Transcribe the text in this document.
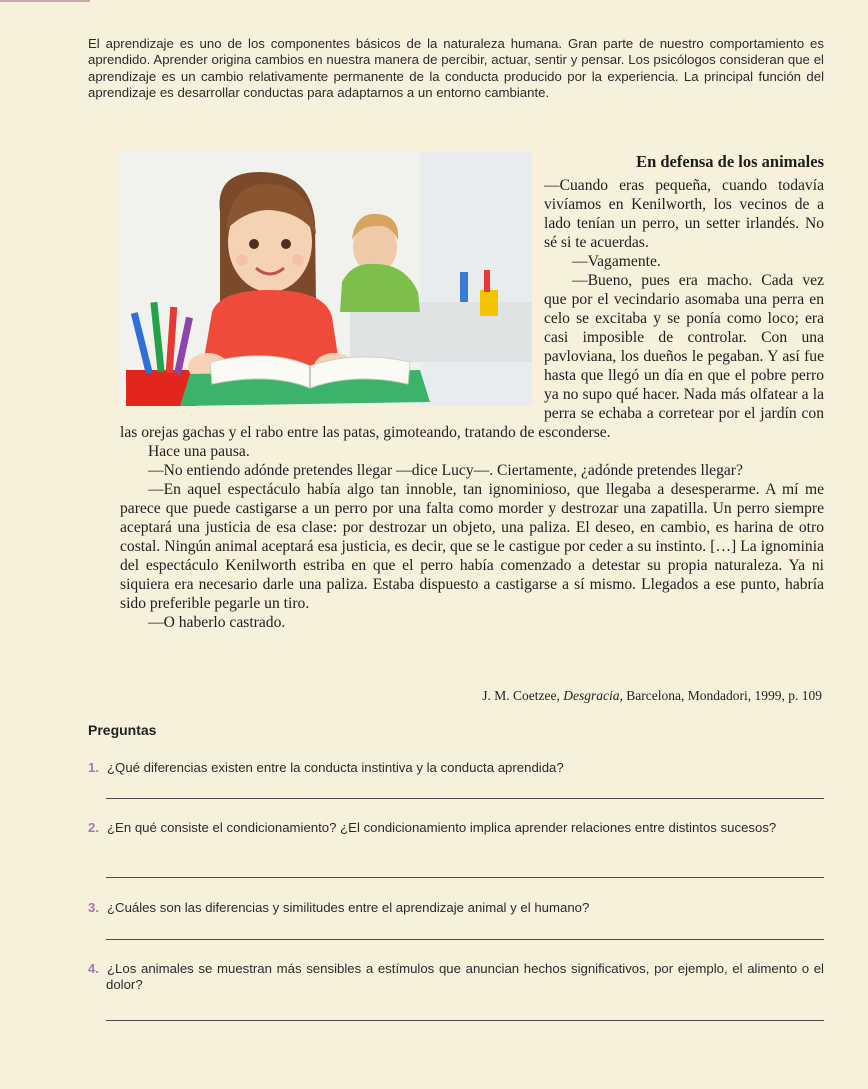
El aprendizaje es uno de los componentes básicos de la naturaleza humana. Gran parte de nuestro comportamiento es aprendido. Aprender origina cambios en nuestra manera de percibir, actuar, sentir y pensar. Los psicólogos consideran que el aprendizaje es un cambio relativamente permanente de la conducta producido por la experiencia. La principal función del aprendizaje es desarrollar conductas para adaptarnos a un entorno cambiante.

En defensa de los animales

—Cuando eras pequeña, cuando todavía vivíamos en Kenilworth, los vecinos de a lado tenían un perro, un setter irlandés. No sé si te acuerdas.

—Vagamente.

—Bueno, pues era macho. Cada vez que por el vecindario asomaba una perra en celo se excitaba y se ponía como loco; era casi imposible de controlar. Con una pavloviana, los dueños le pegaban. Y así fue hasta que llegó un día en que el pobre perro ya no supo qué hacer. Nada más olfatear a la perra se echaba a corretear por el jardín con las orejas gachas y el rabo entre las patas, gimoteando, tratando de esconderse.

Hace una pausa.

—No entiendo adónde pretendes llegar —dice Lucy—. Ciertamente, ¿adónde pretendes llegar?

—En aquel espectáculo había algo tan innoble, tan ignominioso, que llegaba a desesperarme. A mí me parece que puede castigarse a un perro por una falta como morder y destrozar una zapatilla. Un perro siempre aceptará una justicia de esa clase: por destrozar un objeto, una paliza. El deseo, en cambio, es harina de otro costal. Ningún animal aceptará esa justicia, es decir, que se le castigue por ceder a su instinto. […] La ignominia del espectáculo Kenilworth estriba en que el perro había comenzado a detestar su propia naturaleza. Ya ni siquiera era necesario darle una paliza. Estaba dispuesto a castigarse a sí mismo. Llegados a ese punto, habría sido preferible pegarle un tiro.

—O haberlo castrado.

J. M. Coetzee, Desgracia, Barcelona, Mondadori, 1999, p. 109
Preguntas
1. ¿Qué diferencias existen entre la conducta instintiva y la conducta aprendida?
2. ¿En qué consiste el condicionamiento? ¿El condicionamiento implica aprender relaciones entre distintos sucesos?
3. ¿Cuáles son las diferencias y similitudes entre el aprendizaje animal y el humano?
4. ¿Los animales se muestran más sensibles a estímulos que anuncian hechos significativos, por ejemplo, el alimento o el dolor?
